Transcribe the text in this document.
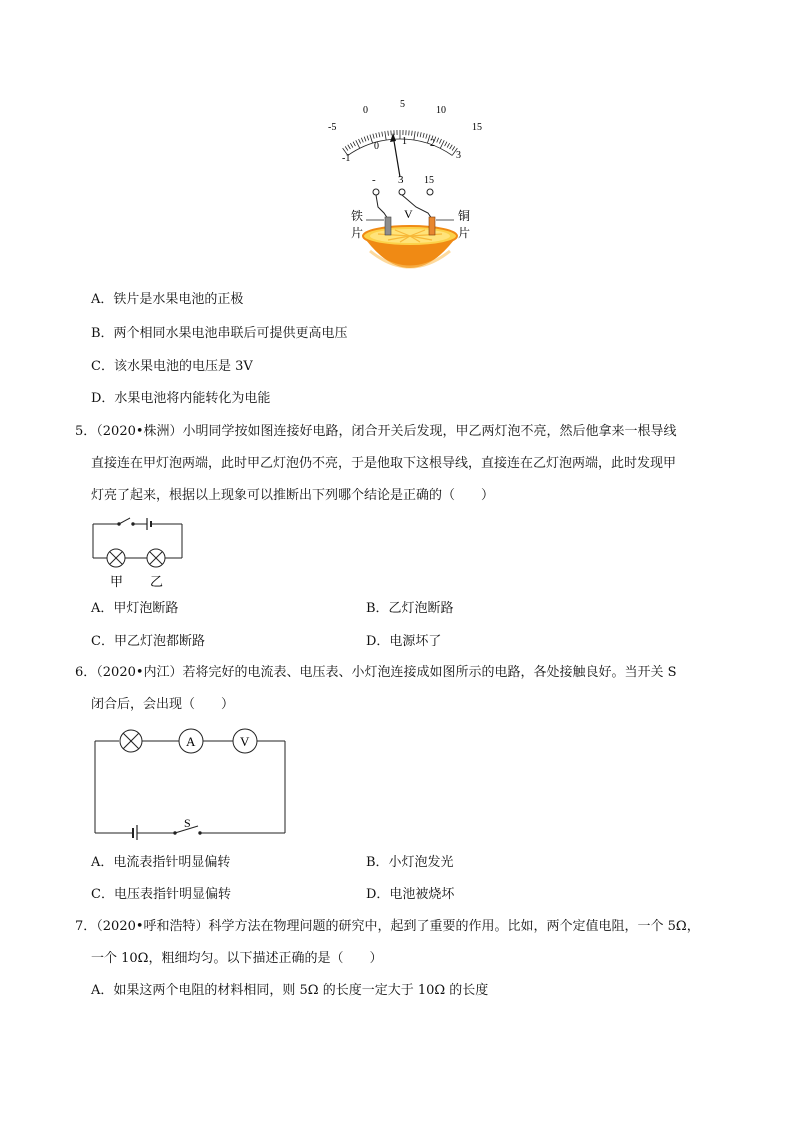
-5
0
5
10
15
-1
0 1 2
3
- 3 15
V
铁
片
铜
片
A．铁片是水果电池的正极
B．两个相同水果电池串联后可提供更高电压
C．该水果电池的电压是 3V
D．水果电池将内能转化为电能
5．（2020•株洲）小明同学按如图连接好电路，闭合开关后发现，甲乙两灯泡不亮，然后他拿来一根导线
直接连在甲灯泡两端，此时甲乙灯泡仍不亮，于是他取下这根导线，直接连在乙灯泡两端，此时发现甲
灯亮了起来，根据以上现象可以推断出下列哪个结论是正确的（　　）
甲 乙
A．甲灯泡断路	B．乙灯泡断路
C．甲乙灯泡都断路	D．电源坏了
6．（2020•内江）若将完好的电流表、电压表、小灯泡连接成如图所示的电路，各处接触良好。当开关 S
闭合后，会出现（　　）
A	V
S
A．电流表指针明显偏转	B．小灯泡发光
C．电压表指针明显偏转	D．电池被烧坏
7．（2020•呼和浩特）科学方法在物理问题的研究中，起到了重要的作用。比如，两个定值电阻，一个 5Ω，
一个 10Ω，粗细均匀。以下描述正确的是（　　）
A．如果这两个电阻的材料相同，则 5Ω 的长度一定大于 10Ω 的长度
